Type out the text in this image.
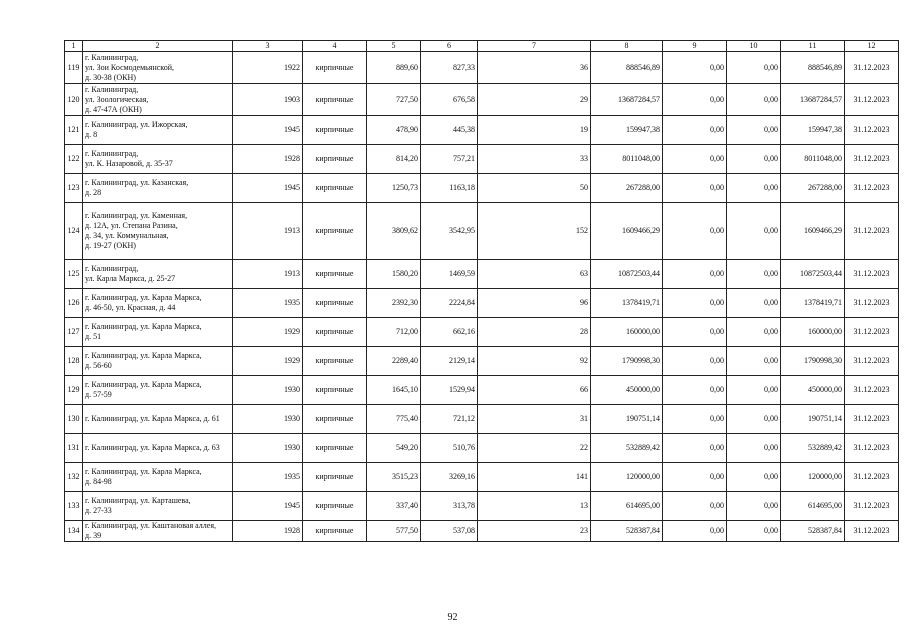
1	2	3	4	5	6	7	8	9	10	11	12
119	г. Калининград,
ул. Зои Космодемьянской,
д. 30-38 (ОКН)	1922	кирпичные	889,60	827,33	36	888546,89	0,00	0,00	888546,89	31.12.2023
120	г. Калининград,
ул. Зоологическая,
д. 47-47А (ОКН)	1903	кирпичные	727,50	676,58	29	13687284,57	0,00	0,00	13687284,57	31.12.2023
121	г. Калининград, ул. Ижорская,
д. 8	1945	кирпичные	478,90	445,38	19	159947,38	0,00	0,00	159947,38	31.12.2023
122	г. Калининград,
ул. К. Назаровой, д. 35-37	1928	кирпичные	814,20	757,21	33	8011048,00	0,00	0,00	8011048,00	31.12.2023
123	г. Калининград, ул. Казанская,
д. 28	1945	кирпичные	1250,73	1163,18	50	267288,00	0,00	0,00	267288,00	31.12.2023
124	г. Калининград, ул. Каменная,
д. 12А, ул. Степана Разина,
д. 34, ул. Коммунальная,
д. 19-27 (ОКН)	1913	кирпичные	3809,62	3542,95	152	1609466,29	0,00	0,00	1609466,29	31.12.2023
125	г. Калининград,
ул. Карла Маркса, д. 25-27	1913	кирпичные	1580,20	1469,59	63	10872503,44	0,00	0,00	10872503,44	31.12.2023
126	г. Калининград, ул. Карла Маркса,
д. 46-50, ул. Красная, д. 44	1935	кирпичные	2392,30	2224,84	96	1378419,71	0,00	0,00	1378419,71	31.12.2023
127	г. Калининград, ул. Карла Маркса,
д. 51	1929	кирпичные	712,00	662,16	28	160000,00	0,00	0,00	160000,00	31.12.2023
128	г. Калининград, ул. Карла Маркса,
д. 56-60	1929	кирпичные	2289,40	2129,14	92	1790998,30	0,00	0,00	1790998,30	31.12.2023
129	г. Калининград, ул. Карла Маркса,
д. 57-59	1930	кирпичные	1645,10	1529,94	66	450000,00	0,00	0,00	450000,00	31.12.2023
130	г. Калининград, ул. Карла Маркса, д. 61	1930	кирпичные	775,40	721,12	31	190751,14	0,00	0,00	190751,14	31.12.2023
131	г. Калининград, ул. Карла Маркса, д. 63	1930	кирпичные	549,20	510,76	22	532889,42	0,00	0,00	532889,42	31.12.2023
132	г. Калининград, ул. Карла Маркса,
д. 84-98	1935	кирпичные	3515,23	3269,16	141	120000,00	0,00	0,00	120000,00	31.12.2023
133	г. Калининград, ул. Карташева,
д. 27-33	1945	кирпичные	337,40	313,78	13	614695,00	0,00	0,00	614695,00	31.12.2023
134	г. Калининград, ул. Каштановая аллея,
д. 39	1928	кирпичные	577,50	537,08	23	528387,84	0,00	0,00	528387,84	31.12.2023
92
